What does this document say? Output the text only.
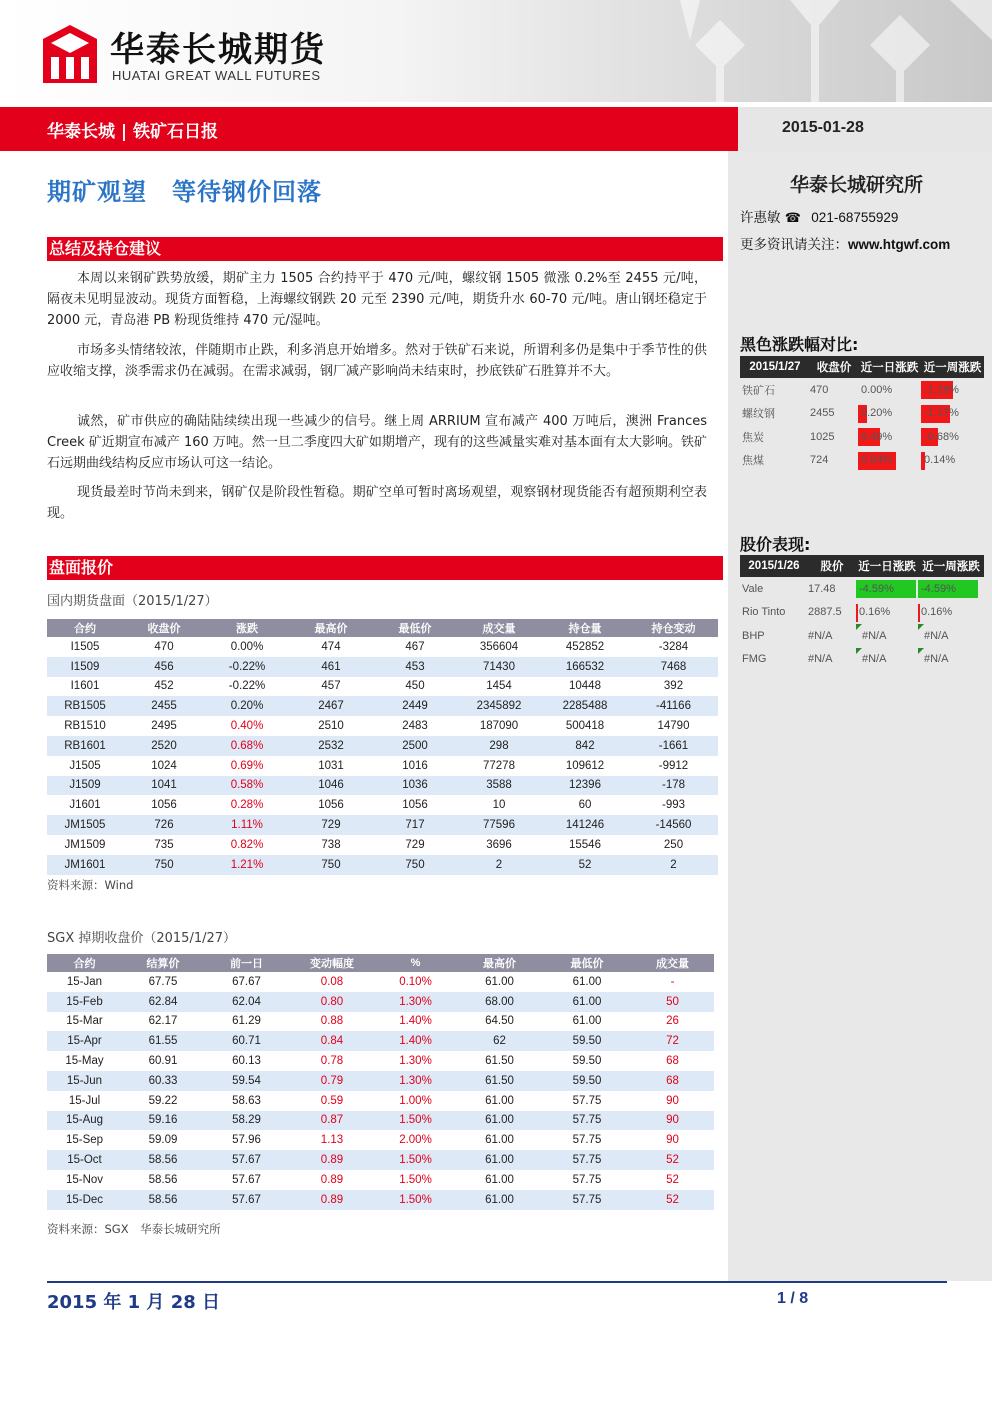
华泰长城期货
HUATAI GREAT WALL FUTURES
华泰长城 | 铁矿石日报	2015-01-28
华泰长城研究所
许惠敏 ☎ 021-68755929
更多资讯请关注：www.htgwf.com
黑色涨跌幅对比:
2015/1/27	收盘价	近一日涨跌	近一周涨跌
铁矿石	470	0.00%	-1.26%
螺纹钢	2455	0.20%	-1.17%
焦炭	1025	0.49%	-0.68%
焦煤	724	0.84%	0.14%
股价表现:
2015/1/26	股价	近一日涨跌	近一周涨跌
Vale	17.48	-4.59%	-4.59%
Rio Tinto	2887.5	0.16%	0.16%
BHP	#N/A	#N/A	#N/A
FMG	#N/A	#N/A	#N/A
期矿观望　等待钢价回落
总结及持仓建议
本周以来钢矿跌势放缓，期矿主力 1505 合约持平于 470 元/吨，螺纹钢 1505 微涨 0.2%至 2455 元/吨，隔夜未见明显波动。现货方面暂稳，上海螺纹钢跌 20 元至 2390 元/吨，期货升水 60-70 元/吨。唐山钢坯稳定于 2000 元，青岛港 PB 粉现货维持 470 元/湿吨。
市场多头情绪较浓，伴随期市止跌，利多消息开始增多。然对于铁矿石来说，所谓利多仍是集中于季节性的供应收缩支撑，淡季需求仍在减弱。在需求减弱，钢厂减产影响尚未结束时，抄底铁矿石胜算并不大。
诚然，矿市供应的确陆陆续续出现一些减少的信号。继上周 ARRIUM 宣布减产 400 万吨后，澳洲 Frances Creek 矿近期宣布减产 160 万吨。然一旦二季度四大矿如期增产，现有的这些减量实难对基本面有太大影响。铁矿石远期曲线结构反应市场认可这一结论。
现货最差时节尚未到来，钢矿仅是阶段性暂稳。期矿空单可暂时离场观望，观察钢材现货能否有超预期利空表现。
盘面报价
国内期货盘面（2015/1/27）
合约	收盘价	涨跌	最高价	最低价	成交量	持仓量	持仓变动
I1505	470	0.00%	474	467	356604	452852	-3284
I1509	456	-0.22%	461	453	71430	166532	7468
I1601	452	-0.22%	457	450	1454	10448	392
RB1505	2455	0.20%	2467	2449	2345892	2285488	-41166
RB1510	2495	0.40%	2510	2483	187090	500418	14790
RB1601	2520	0.68%	2532	2500	298	842	-1661
J1505	1024	0.69%	1031	1016	77278	109612	-9912
J1509	1041	0.58%	1046	1036	3588	12396	-178
J1601	1056	0.28%	1056	1056	10	60	-993
JM1505	726	1.11%	729	717	77596	141246	-14560
JM1509	735	0.82%	738	729	3696	15546	250
JM1601	750	1.21%	750	750	2	52	2
资料来源：Wind
SGX 掉期收盘价（2015/1/27）
合约	结算价	前一日	变动幅度	%	最高价	最低价	成交量
15-Jan	67.75	67.67	0.08	0.10%	61.00	61.00	-
15-Feb	62.84	62.04	0.80	1.30%	68.00	61.00	50
15-Mar	62.17	61.29	0.88	1.40%	64.50	61.00	26
15-Apr	61.55	60.71	0.84	1.40%	62	59.50	72
15-May	60.91	60.13	0.78	1.30%	61.50	59.50	68
15-Jun	60.33	59.54	0.79	1.30%	61.50	59.50	68
15-Jul	59.22	58.63	0.59	1.00%	61.00	57.75	90
15-Aug	59.16	58.29	0.87	1.50%	61.00	57.75	90
15-Sep	59.09	57.96	1.13	2.00%	61.00	57.75	90
15-Oct	58.56	57.67	0.89	1.50%	61.00	57.75	52
15-Nov	58.56	57.67	0.89	1.50%	61.00	57.75	52
15-Dec	58.56	57.67	0.89	1.50%	61.00	57.75	52
资料来源：SGX　华泰长城研究所
2015 年 1 月 28 日	1 / 8
